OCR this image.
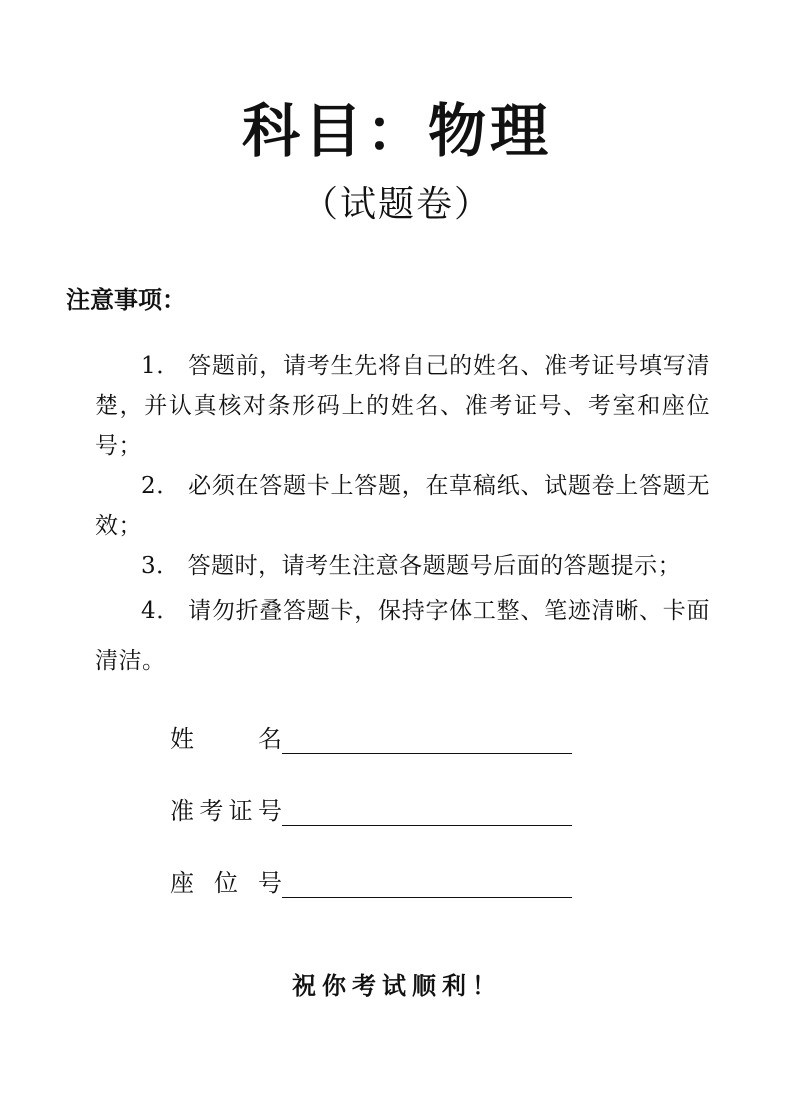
科目：物理
（试题卷）
注意事项：

1． 答题前，请考生先将自己的姓名、准考证号填写清楚，并认真核对条形码上的姓名、准考证号、考室和座位号；

2． 必须在答题卡上答题，在草稿纸、试题卷上答题无效；

3． 答题时，请考生注意各题题号后面的答题提示；

4． 请勿折叠答题卡，保持字体工整、笔迹清晰、卡面清洁。

姓	名
准 考 证 号
座 位 号
祝你考试顺利！
